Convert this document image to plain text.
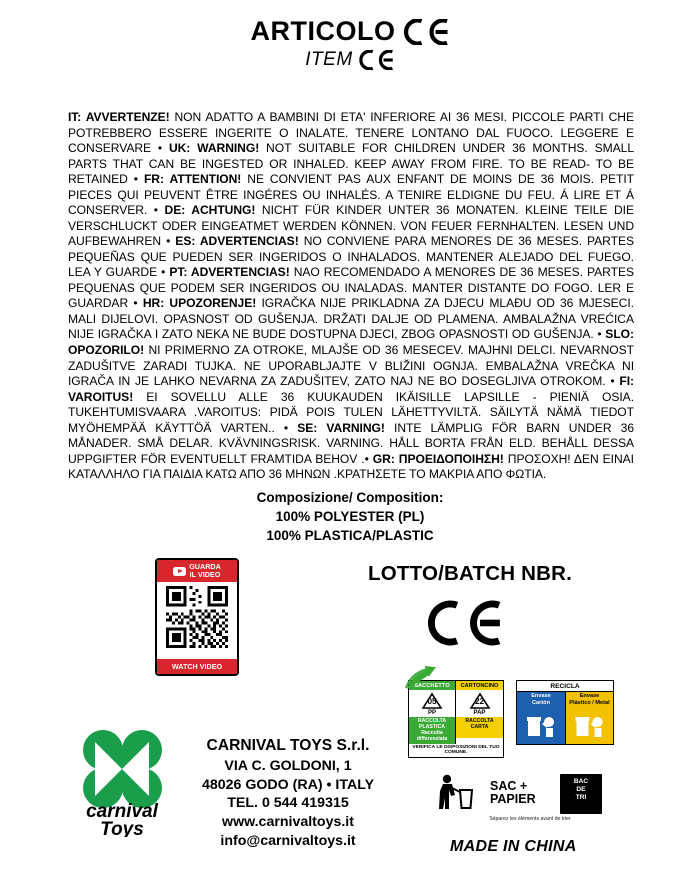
ARTICOLO
ITEM
IT: AVVERTENZE! NON ADATTO A BAMBINI DI ETA' INFERIORE AI 36 MESI. PICCOLE PARTI CHE POTREBBERO ESSERE INGERITE O INALATE. TENERE LONTANO DAL FUOCO. LEGGERE E CONSERVARE • UK: WARNING! NOT SUITABLE FOR CHILDREN UNDER 36 MONTHS. SMALL PARTS THAT CAN BE INGESTED OR INHALED. KEEP AWAY FROM FIRE. TO BE READ- TO BE RETAINED • FR: ATTENTION! NE CONVIENT PAS AUX ENFANT DE MOINS DE 36 MOIS. PETIT PIECES QUI PEUVENT ÊTRE INGÉRES OU INHALÉS. A TENIRE ELDIGNE DU FEU. Á LIRE ET Á CONSERVER. • DE: ACHTUNG! NICHT FÜR KINDER UNTER 36 MONATEN. KLEINE TEILE DIE VERSCHLUCKT ODER EINGEATMET WERDEN KÖNNEN. VON FEUER FERNHALTEN. LESEN UND AUFBEWAHREN • ES: ADVERTENCIAS! NO CONVIENE PARA MENORES DE 36 MESES. PARTES PEQUEÑAS QUE PUEDEN SER INGERIDOS O INHALADOS. MANTENER ALEJADO DEL FUEGO. LEA Y GUARDE • PT: ADVERTENCIAS! NAO RECOMENDADO A MENORES DE 36 MESES. PARTES PEQUENAS QUE PODEM SER INGERIDOS OU INALADAS. MANTER DISTANTE DO FOGO. LER E GUARDAR • HR: UPOZORENJE! IGRAČKA NIJE PRIKLADNA ZA DJECU MLAĐU OD 36 MJESECI. MALI DIJELOVI. OPASNOST OD GUŠENJA. DRŽATI DALJE OD PLAMENA. AMBALAŽNA VREĆICA NIJE IGRAČKA I ZATO NEKA NE BUDE DOSTUPNA DJECI, ZBOG OPASNOSTI OD GUŠENJA. • SLO: OPOZORILO! NI PRIMERNO ZA OTROKE, MLAJŠE OD 36 MESECEV. MAJHNI DELCI. NEVARNOST ZADUŠITVE ZARADI TUJKA. NE UPORABLJAJTE V BLIŽINI OGNJA. EMBALAŽNA VREČKA NI IGRAČA IN JE LAHKO NEVARNA ZA ZADUŠITEV, ZATO NAJ NE BO DOSEGLJIVA OTROKOM. • FI: VAROITUS! EI SOVELLU ALLE 36 KUUKAUDEN IKÄISILLE LAPSILLE - PIENIÄ OSIA. TUKEHTUMISVAARA .VAROITUS: PIDÄ POIS TULEN LÄHETTYVILTÄ. SÄILYTÄ NÄMÄ TIEDOT MYÖHEMPÄÄ KÄYTTÖÄ VARTEN.. • SE: VARNING! INTE LÄMPLIG FÖR BARN UNDER 36 MÅNADER. SMÅ DELAR. KVÄVNINGSRISK. VARNING. HÅLL BORTA FRÅN ELD. BEHÅLL DESSA UPPGIFTER FÖR EVENTUELLT FRAMTIDA BEHOV .• GR: ΠΡΟΕΙΔΟΠΟΙΗΣΗ! ΠΡΟΣΟΧΗ! ΔΕΝ ΕΙΝΑΙ ΚΑΤΑΛΛΗΛΟ ΓΙΑ ΠΑΙΔΙΑ ΚΑΤΩ ΑΠΟ 36 ΜΗΝΩΝ .ΚΡΑΤΗΣΕΤΕ ΤΟ ΜΑΚΡΙΑ ΑΠΟ ΦΩΤΙΑ.
Composizione/ Composition:
100% POLYESTER (PL)
100% PLASTICA/PLASTIC
GUARDA
IL VIDEO
WATCH VIDEO
LOTTO/BATCH NBR.
carnival
Toys
CARNIVAL TOYS S.r.l.
VIA C. GOLDONI, 1
48026 GODO (RA) • ITALY
TEL. 0 544 419315
www.carnivaltoys.it
info@carnivaltoys.it
SACCHETTO
05
PP
RACCOLTA PLASTICA
Raccolta differenziata
CARTONCINO
22
PAP
RACCOLTA CARTA

VERIFICA LE DISPOSIZIONI DEL TUO COMUNE.
RECICLA
Envase
Cartón
Envase
Plástico / Metal
SAC +
PAPIER
BAC
DE
TRI
Séparez les éléments avant de trier
MADE IN CHINA
